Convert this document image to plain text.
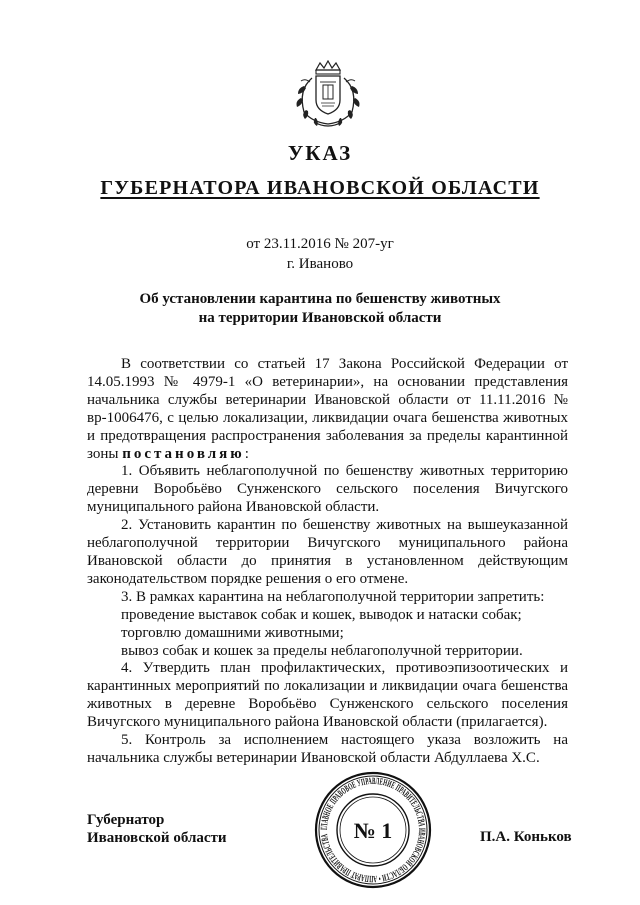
УКАЗ
ГУБЕРНАТОРА ИВАНОВСКОЙ ОБЛАСТИ
от 23.11.2016 № 207-уг
г. Иваново
Об установлении карантина по бешенству животных
на территории Ивановской области

В соответствии со статьей 17 Закона Российской Федерации от 14.05.1993 № 4979-1 «О ветеринарии», на основании представления начальника службы ветеринарии Ивановской области от 11.11.2016 № вр-1006476, с целью локализации, ликвидации очага бешенства животных и предотвращения распространения заболевания за пределы карантинной зоны постановляю:

1. Объявить неблагополучной по бешенству животных территорию деревни Воробьёво Сунженского сельского поселения Вичугского муниципального района Ивановской области.

2. Установить карантин по бешенству животных на вышеуказанной неблагополучной территории Вичугского муниципального района Ивановской области до принятия в установленном действующим законодательством порядке решения о его отмене.

3. В рамках карантина на неблагополучной территории запретить:

проведение выставок собак и кошек, выводок и натаски собак;

торговлю домашними животными;

вывоз собак и кошек за пределы неблагополучной территории.

4. Утвердить план профилактических, противоэпизоотических и карантинных мероприятий по локализации и ликвидации очага бешенства животных в деревне Воробьёво Сунженского сельского поселения Вичугского муниципального района Ивановской области (прилагается).

5. Контроль за исполнением настоящего указа возложить на начальника службы ветеринарии Ивановской области Абдуллаева Х.С.

Губернатор
Ивановской области	П.А. Коньков
ГЛАВНОЕ ПРАВОВОЕ УПРАВЛЕНИЕ ПРАВИТЕЛЬСТВА ИВАНОВСКОЙ ОБЛАСТИ • АППАРАТ ПРАВИТЕЛЬСТВА	№ 1
